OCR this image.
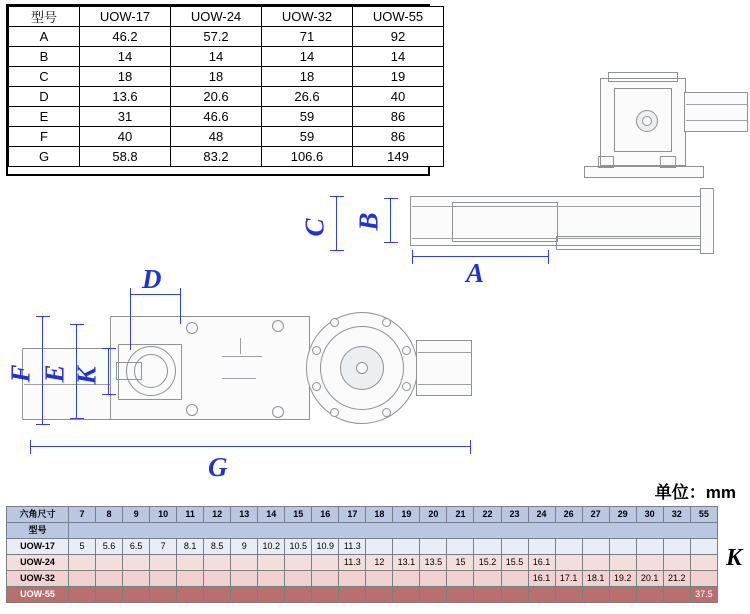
型号	UOW-17	UOW-24	UOW-32	UOW-55
A	46.2	57.2	71	92
B	14	14	14	14
C	18	18	18	19
D	13.6	20.6	26.6	40
E	31	46.6	59	86
F	40	48	59	86
G	58.8	83.2	106.6	149
B
C
A
D
F E K
G
单位：mm
六角尺寸	7	8	9	10	11	12	13	14	15	16	17	18	19	20	21	22	23	24	26	27	29	30	32	55
型号																								
UOW-17	5	5.6	6.5	7	8.1	8.5	9	10.2	10.5	10.9	11.3													
UOW-24											11.3	12	13.1	13.5	15	15.2	15.5	16.1						
UOW-32																		16.1	17.1	18.1	19.2	20.1	21.2	
UOW-55																								37.5
K
